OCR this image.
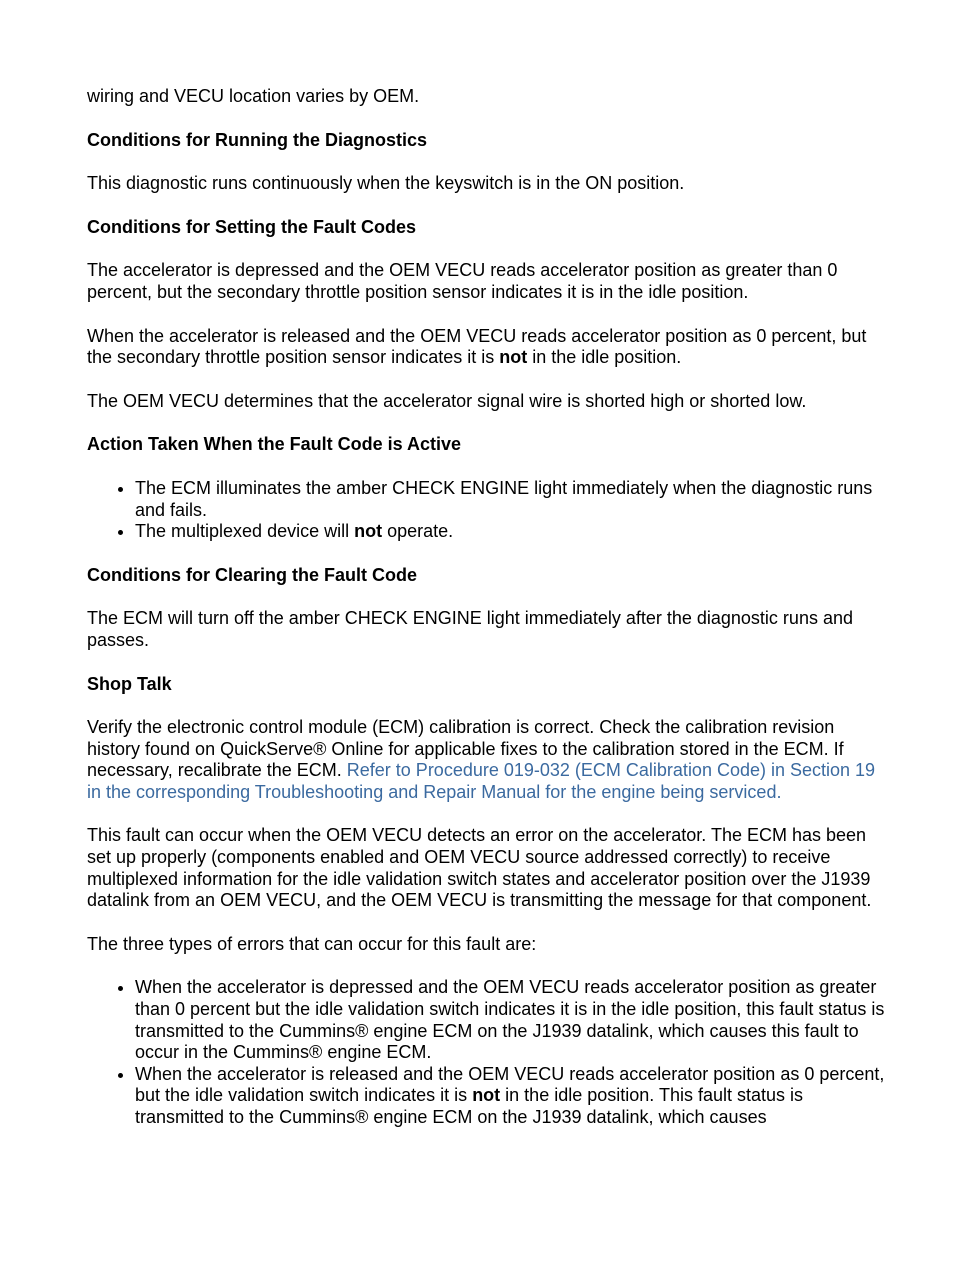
wiring and VECU location varies by OEM.

Conditions for Running the Diagnostics

This diagnostic runs continuously when the keyswitch is in the ON position.

Conditions for Setting the Fault Codes

The accelerator is depressed and the OEM VECU reads accelerator position as greater than 0 percent, but the secondary throttle position sensor indicates it is in the idle position.

When the accelerator is released and the OEM VECU reads accelerator position as 0 percent, but the secondary throttle position sensor indicates it is not in the idle position.

The OEM VECU determines that the accelerator signal wire is shorted high or shorted low.

Action Taken When the Fault Code is Active

• The ECM illuminates the amber CHECK ENGINE light immediately when the diagnostic runs and fails.
• The multiplexed device will not operate.

Conditions for Clearing the Fault Code

The ECM will turn off the amber CHECK ENGINE light immediately after the diagnostic runs and passes.

Shop Talk

Verify the electronic control module (ECM) calibration is correct. Check the calibration revision history found on QuickServe® Online for applicable fixes to the calibration stored in the ECM. If necessary, recalibrate the ECM. Refer to Procedure 019-032 (ECM Calibration Code) in Section 19 in the corresponding Troubleshooting and Repair Manual for the engine being serviced.

This fault can occur when the OEM VECU detects an error on the accelerator. The ECM has been set up properly (components enabled and OEM VECU source addressed correctly) to receive multiplexed information for the idle validation switch states and accelerator position over the J1939 datalink from an OEM VECU, and the OEM VECU is transmitting the message for that component.

The three types of errors that can occur for this fault are:

• When the accelerator is depressed and the OEM VECU reads accelerator position as greater than 0 percent but the idle validation switch indicates it is in the idle position, this fault status is transmitted to the Cummins® engine ECM on the J1939 datalink, which causes this fault to occur in the Cummins® engine ECM.
• When the accelerator is released and the OEM VECU reads accelerator position as 0 percent, but the idle validation switch indicates it is not in the idle position. This fault status is transmitted to the Cummins® engine ECM on the J1939 datalink, which causes
